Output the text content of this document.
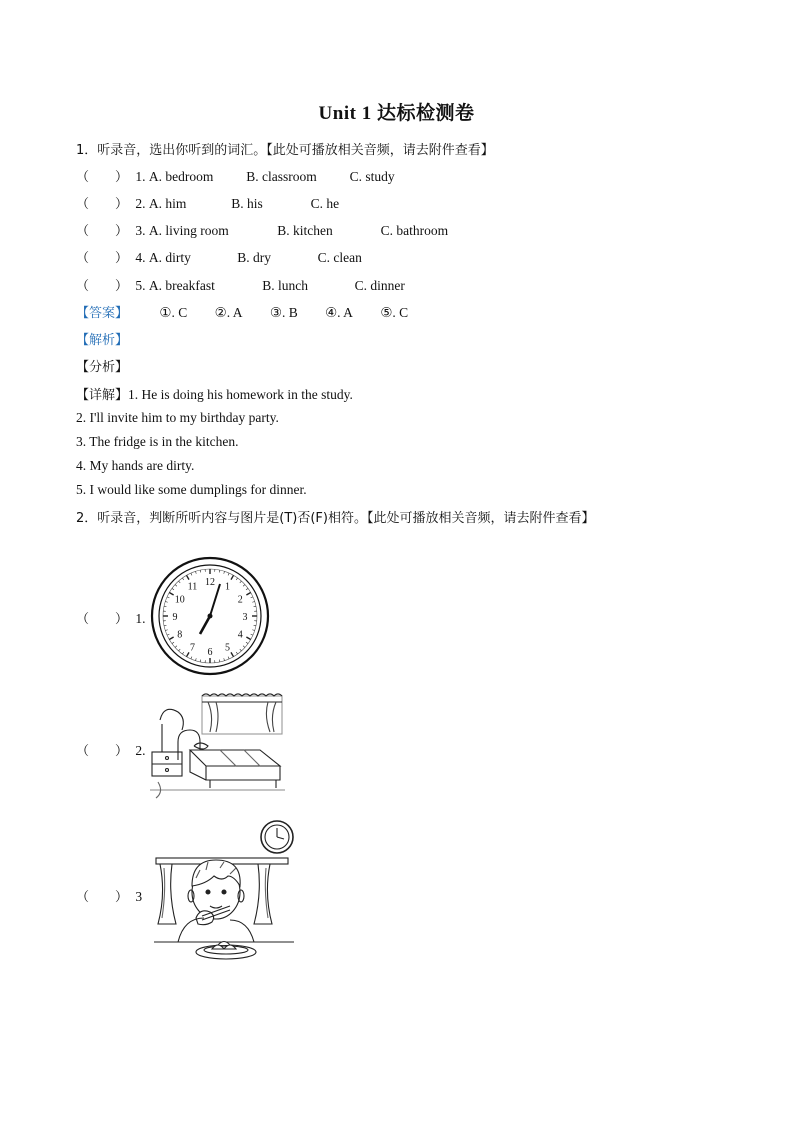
Unit 1 达标检测卷
1．听录音，选出你听到的词汇。【此处可播放相关音频，请去附件查看】
（　　） 1. A. bedroom B. classroom C. study
（　　） 2. A. him	B. his	C. he
（　　） 3. A. living room	B. kitchen	C. bathroom
（　　） 4. A. dirty	B. dry	C. clean
（　　） 5. A. breakfast	B. lunch	C. dinner
【答案】 ①. C ②. A ③. B ④. A ⑤. C
【解析】
【分析】
【详解】1. He is doing his homework in the study.
2. I'll invite him to my birthday party.
3. The fridge is in the kitchen.
4. My hands are dirty.
5. I would like some dumplings for dinner.
2．听录音，判断所听内容与图片是(T)否(F)相符。【此处可播放相关音频，请去附件查看】
（　　） 1.
12 1
2
3
4
5
6
7
8
9
10
11
（　　） 2.
（　　） 3
